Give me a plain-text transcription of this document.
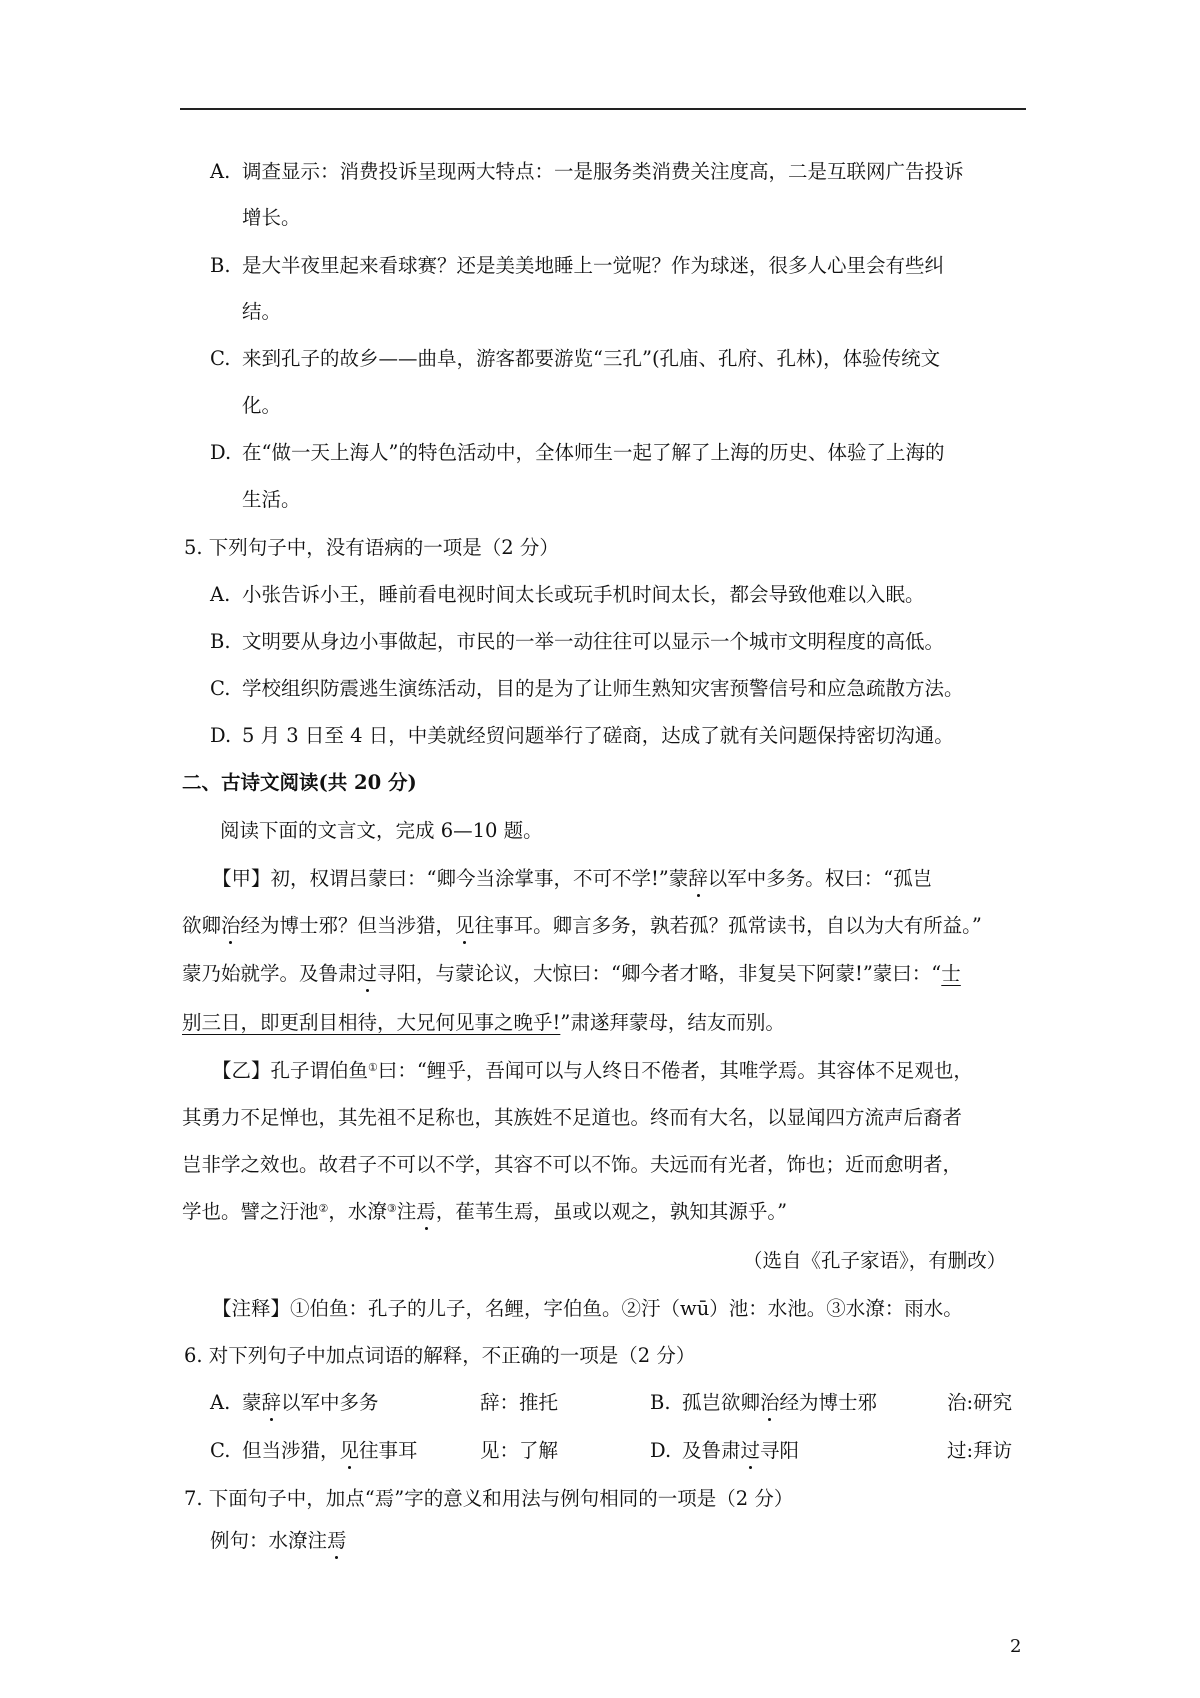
A. 调查显示：消费投诉呈现两大特点：一是服务类消费关注度高，二是互联网广告投诉
增长。
B. 是大半夜里起来看球赛？还是美美地睡上一觉呢？作为球迷，很多人心里会有些纠
结。
C. 来到孔子的故乡——曲阜，游客都要游览“三孔”(孔庙、孔府、孔林)，体验传统文
化。
D. 在“做一天上海人”的特色活动中，全体师生一起了解了上海的历史、体验了上海的
生活。
5. 下列句子中，没有语病的一项是（2 分）
A. 小张告诉小王，睡前看电视时间太长或玩手机时间太长，都会导致他难以入眠。
B. 文明要从身边小事做起，市民的一举一动往往可以显示一个城市文明程度的高低。
C. 学校组织防震逃生演练活动，目的是为了让师生熟知灾害预警信号和应急疏散方法。
D. 5 月 3 日至 4 日，中美就经贸问题举行了磋商，达成了就有关问题保持密切沟通。
二、古诗文阅读(共 20 分)
阅读下面的文言文，完成 6—10 题。
【甲】初，权谓吕蒙曰：“卿今当涂掌事，不可不学!”蒙辞以军中多务。权曰：“孤岂
欲卿治经为博士邪？但当涉猎，见往事耳。卿言多务，孰若孤？孤常读书，自以为大有所益。”
蒙乃始就学。及鲁肃过寻阳，与蒙论议，大惊曰：“卿今者才略，非复吴下阿蒙!”蒙曰：“士
别三日，即更刮目相待，大兄何见事之晚乎!”肃遂拜蒙母，结友而别。
【乙】孔子谓伯鱼①曰：“鲤乎，吾闻可以与人终日不倦者，其唯学焉。其容体不足观也，
其勇力不足惮也，其先祖不足称也，其族姓不足道也。终而有大名，以显闻四方流声后裔者
岂非学之效也。故君子不可以不学，其容不可以不饰。夫远而有光者，饰也；近而愈明者，
学也。譬之汙池②，水潦③注焉，萑苇生焉，虽或以观之，孰知其源乎。”
（选自《孔子家语》，有删改）
【注释】①伯鱼：孔子的儿子，名鲤，字伯鱼。②汙（wū）池：水池。③水潦：雨水。
6. 对下列句子中加点词语的解释，不正确的一项是（2 分）
A. 蒙辞以军中多务	辞：推托	B. 孤岂欲卿治经为博士邪	治:研究
C. 但当涉猎，见往事耳	见：了解	D. 及鲁肃过寻阳	过:拜访
7. 下面句子中，加点“焉”字的意义和用法与例句相同的一项是（2 分）
例句：水潦注焉
2
